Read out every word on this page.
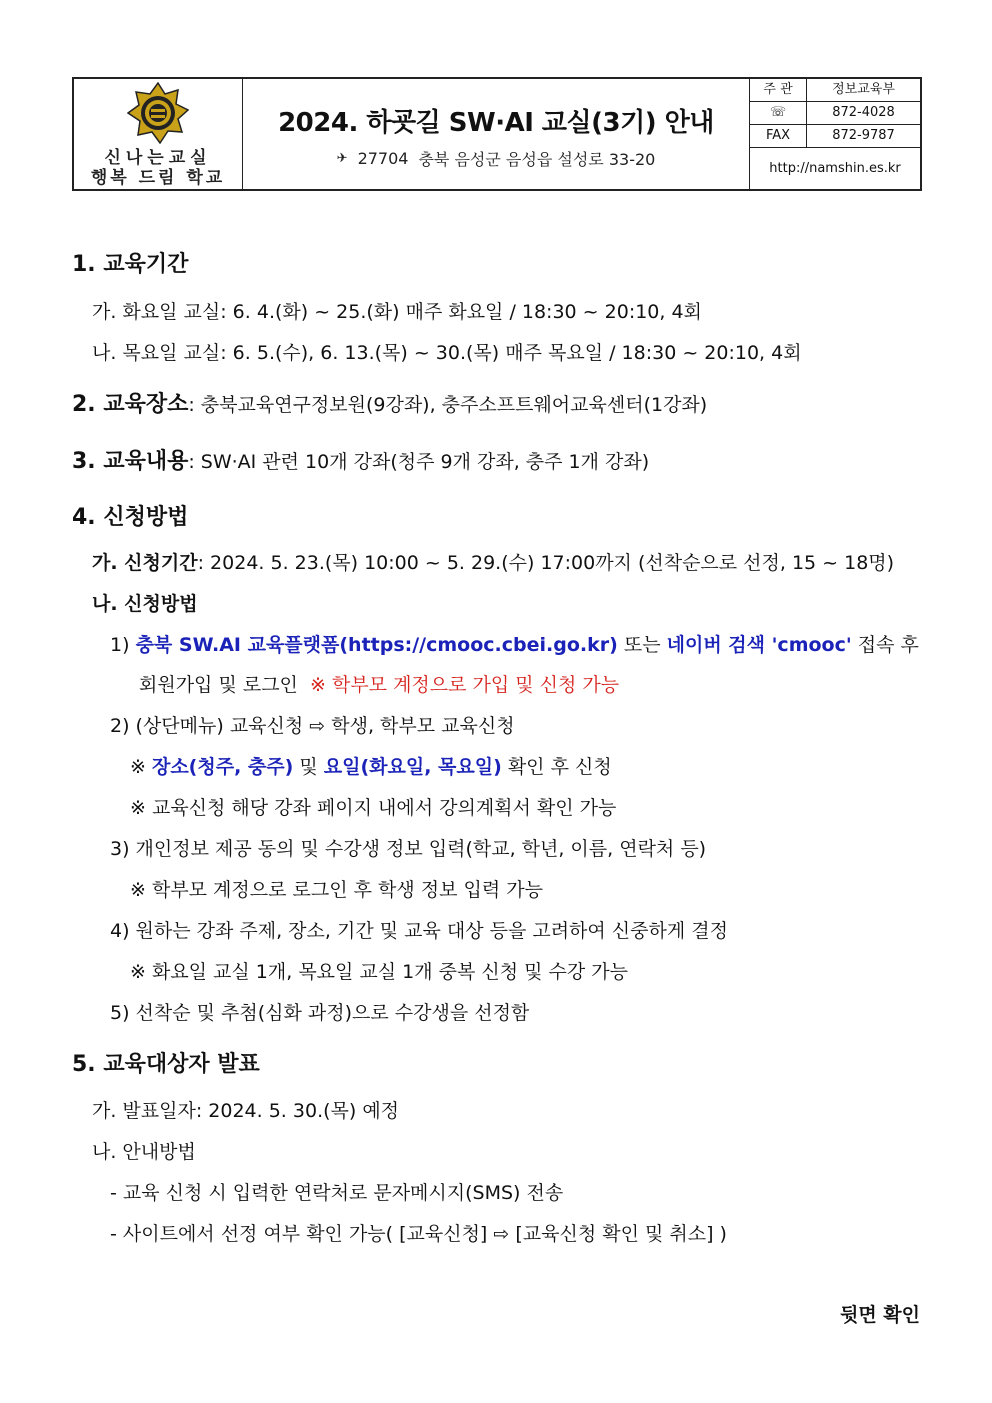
신나는교실
행복 드림 학교
2024. 하굣길 SW·AI 교실(3기) 안내
✈ 27704 충북 음성군 음성읍 설성로 33-20
주 관	정보교육부
☏	872-4028
FAX	872-9787
http://namshin.es.kr
1. 교육기간
가. 화요일 교실: 6. 4.(화) ~ 25.(화) 매주 화요일 / 18:30 ~ 20:10, 4회
나. 목요일 교실: 6. 5.(수), 6. 13.(목) ~ 30.(목) 매주 목요일 / 18:30 ~ 20:10, 4회
2. 교육장소: 충북교육연구정보원(9강좌), 충주소프트웨어교육센터(1강좌)
3. 교육내용: SW·AI 관련 10개 강좌(청주 9개 강좌, 충주 1개 강좌)
4. 신청방법
가. 신청기간: 2024. 5. 23.(목) 10:00 ~ 5. 29.(수) 17:00까지 (선착순으로 선정, 15 ~ 18명)
나. 신청방법
1) 충북 SW.AI 교육플랫폼(https://cmooc.cbei.go.kr) 또는 네이버 검색 'cmooc' 접속 후
회원가입 및 로그인 ※ 학부모 계정으로 가입 및 신청 가능
2) (상단메뉴) 교육신청 ⇨ 학생, 학부모 교육신청
※ 장소(청주, 충주) 및 요일(화요일, 목요일) 확인 후 신청
※ 교육신청 해당 강좌 페이지 내에서 강의계획서 확인 가능
3) 개인정보 제공 동의 및 수강생 정보 입력(학교, 학년, 이름, 연락처 등)
※ 학부모 계정으로 로그인 후 학생 정보 입력 가능
4) 원하는 강좌 주제, 장소, 기간 및 교육 대상 등을 고려하여 신중하게 결정
※ 화요일 교실 1개, 목요일 교실 1개 중복 신청 및 수강 가능
5) 선착순 및 추첨(심화 과정)으로 수강생을 선정함
5. 교육대상자 발표
가. 발표일자: 2024. 5. 30.(목) 예정
나. 안내방법
- 교육 신청 시 입력한 연락처로 문자메시지(SMS) 전송
- 사이트에서 선정 여부 확인 가능( [교육신청] ⇨ [교육신청 확인 및 취소] )
뒷면 확인
